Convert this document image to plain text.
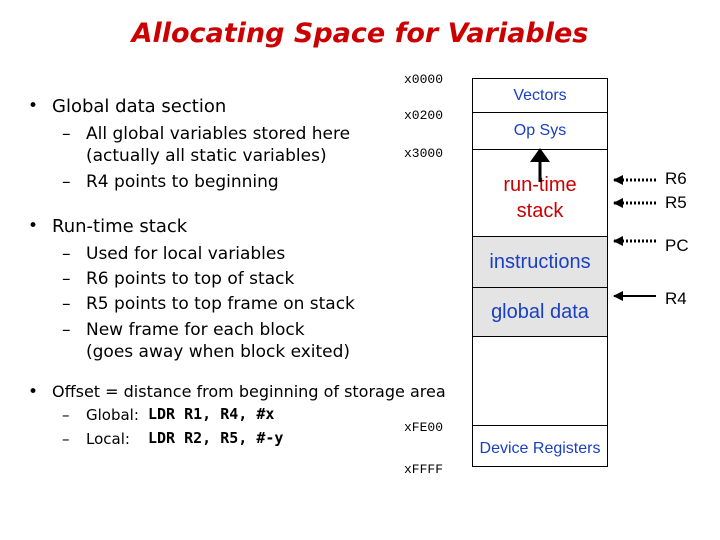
Allocating Space for Variables
• Global data section
– All global variables stored here
(actually all static variables)
– R4 points to beginning
• Run-time stack
– Used for local variables
– R6 points to top of stack
– R5 points to top frame on stack
– New frame for each block
(goes away when block exited)
• Offset = distance from beginning of storage area
– Global: LDR R1, R4, #x
– Local: LDR R2, R5, #-y
x0000
x0200
x3000
xFE00
xFFFF
Vectors
Op Sys
run-time
stack
instructions
global data
Device Registers
R6
R5
PC
R4
